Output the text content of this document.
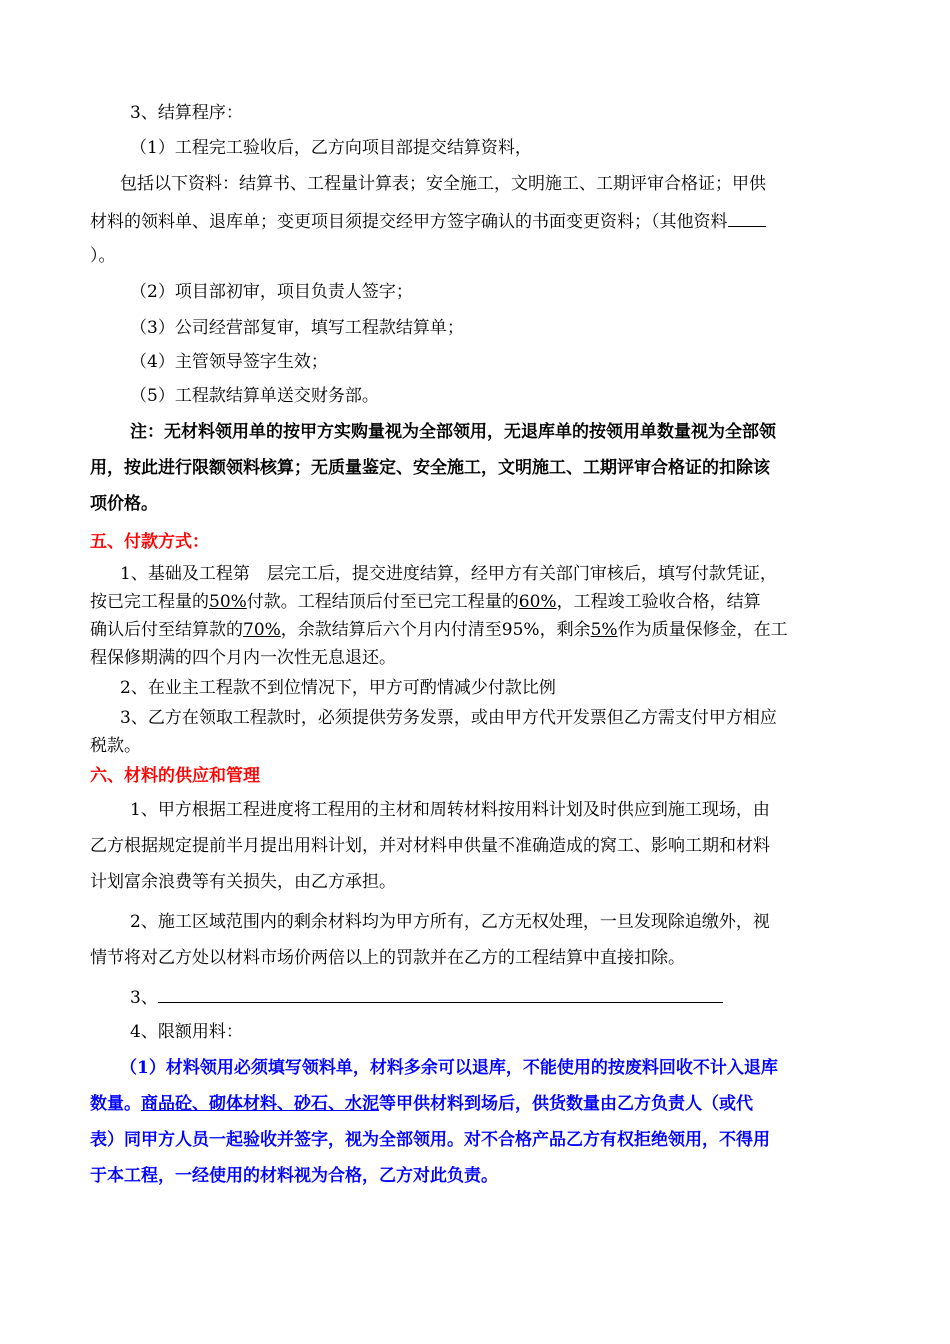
3、结算程序：
（1）工程完工验收后，乙方向项目部提交结算资料，
包括以下资料：结算书、工程量计算表；安全施工，文明施工、工期评审合格证；甲供
材料的领料单、退库单；变更项目须提交经甲方签字确认的书面变更资料；（其他资料
）。
（2）项目部初审，项目负责人签字；
（3）公司经营部复审，填写工程款结算单；
（4）主管领导签字生效；
（5）工程款结算单送交财务部。
注：无材料领用单的按甲方实购量视为全部领用，无退库单的按领用单数量视为全部领
用，按此进行限额领料核算；无质量鉴定、安全施工，文明施工、工期评审合格证的扣除该
项价格。
五、付款方式：
1、基础及工程第　层完工后，提交进度结算，经甲方有关部门审核后，填写付款凭证，
按已完工程量的50%付款。工程结顶后付至已完工程量的60%，工程竣工验收合格，结算
确认后付至结算款的70%，余款结算后六个月内付清至95%，剩余5%作为质量保修金，在工
程保修期满的四个月内一次性无息退还。
2、在业主工程款不到位情况下，甲方可酌情减少付款比例
3、乙方在领取工程款时，必须提供劳务发票，或由甲方代开发票但乙方需支付甲方相应
税款。
六、材料的供应和管理
1、甲方根据工程进度将工程用的主材和周转材料按用料计划及时供应到施工现场，由
乙方根据规定提前半月提出用料计划，并对材料申供量不准确造成的窝工、影响工期和材料
计划富余浪费等有关损失，由乙方承担。
2、施工区域范围内的剩余材料均为甲方所有，乙方无权处理，一旦发现除追缴外，视
情节将对乙方处以材料市场价两倍以上的罚款并在乙方的工程结算中直接扣除。
3、
4、限额用料：
（1）材料领用必须填写领料单，材料多余可以退库，不能使用的按废料回收不计入退库
数量。商品砼、砌体材料、砂石、水泥等甲供材料到场后，供货数量由乙方负责人（或代
表）同甲方人员一起验收并签字，视为全部领用。对不合格产品乙方有权拒绝领用，不得用
于本工程，一经使用的材料视为合格，乙方对此负责。
